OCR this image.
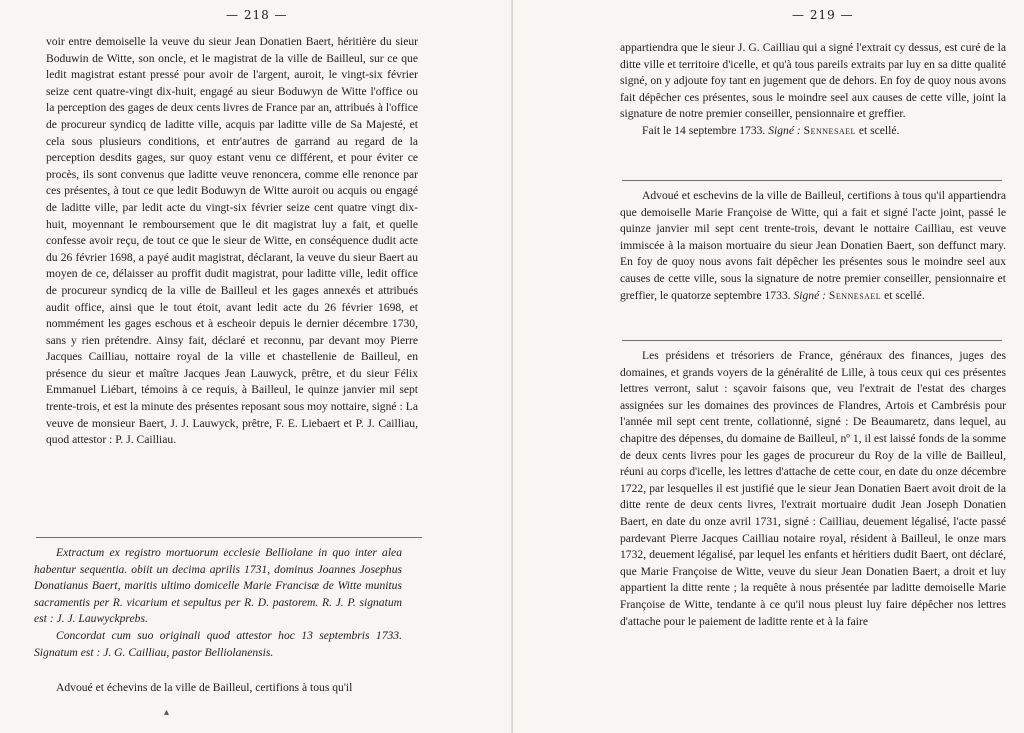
— 218 —

voir entre demoiselle la veuve du sieur Jean Donatien Baert, héritière du sieur Boduwin de Witte, son oncle, et le magistrat de la ville de Bailleul, sur ce que ledit magistrat estant pressé pour avoir de l'argent, auroit, le vingt-six février seize cent quatre-vingt dix-huit, engagé au sieur Boduwyn de Witte l'office ou la perception des gages de deux cents livres de France par an, attribués à l'office de procureur syndicq de laditte ville, acquis par laditte ville de Sa Majesté, et cela sous plusieurs conditions, et entr'autres de garrand au regard de la perception desdits gages, sur quoy estant venu ce différent, et pour éviter ce procès, ils sont convenus que laditte veuve renoncera, comme elle renonce par ces présentes, à tout ce que ledit Boduwyn de Witte auroit ou acquis ou engagé de laditte ville, par ledit acte du vingt-six février seize cent quatre vingt dix-huit, moyennant le remboursement que le dit magistrat luy a fait, et quelle confesse avoir reçu, de tout ce que le sieur de Witte, en conséquence dudit acte du 26 février 1698, a payé audit magistrat, déclarant, la veuve du sieur Baert au moyen de ce, délaisser au proffit dudit magistrat, pour laditte ville, ledit office de procureur syndicq de la ville de Bailleul et les gages annexés et attribués audit office, ainsi que le tout étoit, avant ledit acte du 26 février 1698, et nommément les gages eschous et à escheoir depuis le dernier décembre 1730, sans y rien prétendre. Ainsy fait, déclaré et reconnu, par devant moy Pierre Jacques Cailliau, nottaire royal de la ville et chastellenie de Bailleul, en présence du sieur et maître Jacques Jean Lauwyck, prêtre, et du sieur Félix Emmanuel Liébart, témoins à ce requis, à Bailleul, le quinze janvier mil sept trente-trois, et est la minute des présentes reposant sous moy nottaire, signé : La veuve de monsieur Baert, J. J. Lauwyck, prêtre, F. E. Liebaert et P. J. Cailliau, quod attestor : P. J. Cailliau.

Extractum ex registro mortuorum ecclesie Belliolane in quo inter alea habentur sequentia. obiit un decima aprilis 1731, dominus Joannes Josephus Donatianus Baert, maritis ultimo domicelle Marie Francisæ de Witte munitus sacramentis per R. vicarium et sepultus per R. D. pastorem. R. J. P. signatum est : J. J. Lauwyckprebs.

Concordat cum suo originali quod attestor hoc 13 septembris 1733. Signatum est : J. G. Cailliau, pastor Belliolanensis.

Advoué et échevins de la ville de Bailleul, certifions à tous qu'il

▴
— 219 —

appartiendra que le sieur J. G. Cailliau qui a signé l'extrait cy dessus, est curé de la ditte ville et territoire d'icelle, et qu'à tous pareils extraits par luy en sa ditte qualité signé, on y adjoute foy tant en jugement que de dehors. En foy de quoy nous avons fait dépêcher ces présentes, sous le moindre seel aux causes de cette ville, joint la signature de notre premier conseiller, pensionnaire et greffier.

Fait le 14 septembre 1733. Signé : Sennesael et scellé.

Advoué et eschevins de la ville de Bailleul, certifions à tous qu'il appartiendra que demoiselle Marie Françoise de Witte, qui a fait et signé l'acte joint, passé le quinze janvier mil sept cent trente-trois, devant le nottaire Cailliau, est veuve immiscée à la maison mortuaire du sieur Jean Donatien Baert, son deffunct mary. En foy de quoy nous avons fait dépêcher les présentes sous le moindre seel aux causes de cette ville, sous la signature de notre premier conseiller, pensionnaire et greffier, le quatorze septembre 1733. Signé : Sennesael et scellé.

Les présidens et trésoriers de France, généraux des finances, juges des domaines, et grands voyers de la généralité de Lille, à tous ceux qui ces présentes lettres verront, salut : sçavoir faisons que, veu l'extrait de l'estat des charges assignées sur les domaines des provinces de Flandres, Artois et Cambrésis pour l'année mil sept cent trente, collationné, signé : De Beaumaretz, dans lequel, au chapitre des dépenses, du domaine de Bailleul, nº 1, il est laissé fonds de la somme de deux cents livres pour les gages de procureur du Roy de la ville de Bailleul, réuni au corps d'icelle, les lettres d'attache de cette cour, en date du onze décembre 1722, par lesquelles il est justifié que le sieur Jean Donatien Baert avoit droit de la ditte rente de deux cents livres, l'extrait mortuaire dudit Jean Joseph Donatien Baert, en date du onze avril 1731, signé : Cailliau, deuement légalisé, l'acte passé pardevant Pierre Jacques Cailliau notaire royal, résident à Bailleul, le onze mars 1732, deuement légalisé, par lequel les enfants et héritiers dudit Baert, ont déclaré, que Marie Françoise de Witte, veuve du sieur Jean Donatien Baert, a droit et luy appartient la ditte rente ; la requête à nous présentée par laditte demoiselle Marie Françoise de Witte, tendante à ce qu'il nous pleust luy faire dépêcher nos lettres d'attache pour le paiement de laditte rente et à la faire
